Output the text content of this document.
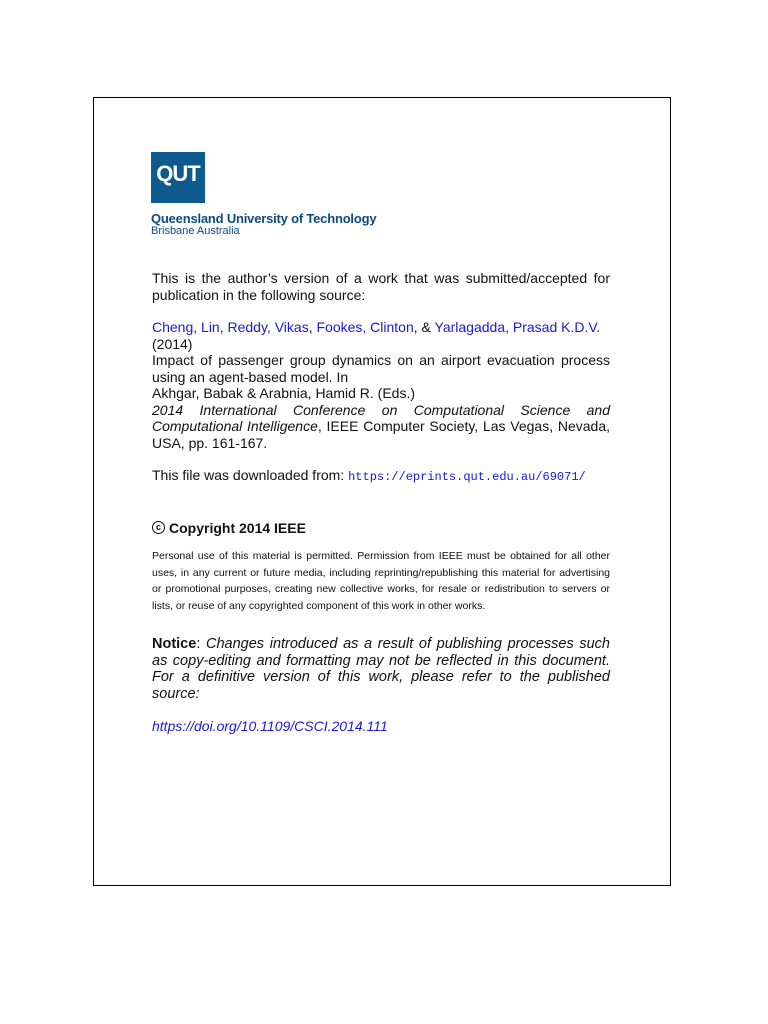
QUT
Queensland University of Technology
Brisbane Australia

This is the author’s version of a work that was submitted/accepted for publication in the following source:

Cheng, Lin, Reddy, Vikas, Fookes, Clinton, & Yarlagadda, Prasad K.D.V.

(2014)

Impact of passenger group dynamics on an airport evacuation process using an agent-based model. In

Akhgar, Babak & Arabnia, Hamid R. (Eds.)

2014 International Conference on Computational Science and Computational Intelligence, IEEE Computer Society, Las Vegas, Nevada, USA, pp. 161-167.

This file was downloaded from: https://eprints.qut.edu.au/69071/

c Copyright 2014 IEEE

Personal use of this material is permitted. Permission from IEEE must be obtained for all other uses, in any current or future media, including reprinting/republishing this material for advertising or promotional purposes, creating new collective works, for resale or redistribution to servers or lists, or reuse of any copyrighted component of this work in other works.

Notice: Changes introduced as a result of publishing processes such as copy-editing and formatting may not be reflected in this document. For a definitive version of this work, please refer to the published source:

https://doi.org/10.1109/CSCI.2014.111
